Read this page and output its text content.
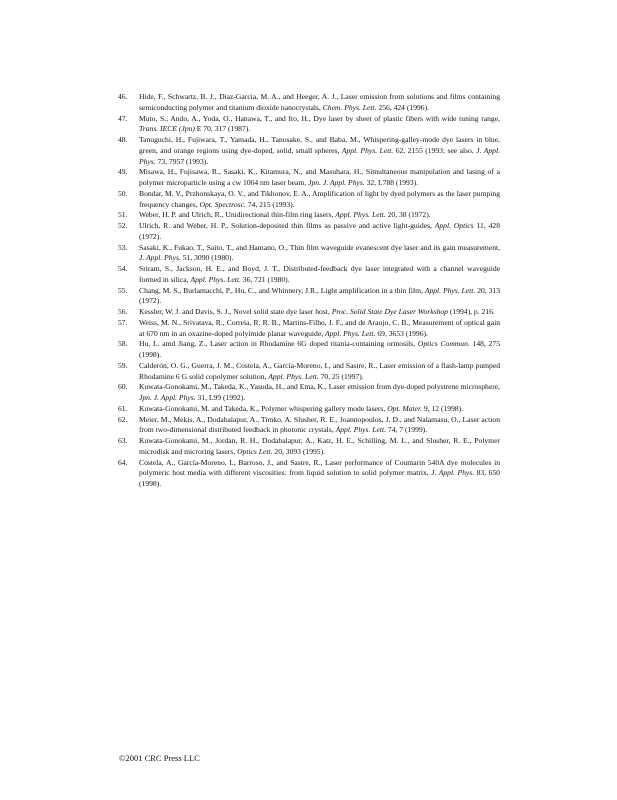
46.	Hide, F., Schwartz, B. J., Diaz-Garcia, M. A., and Heeger, A. J., Laser emission from solutions and films containing semiconducting polymer and titanium dioxide nanocrystals, Chem. Phys. Lett. 256, 424 (1996).
47.	Muto, S., Ando, A., Yoda, O., Hanawa, T., and Ito, H., Dye laser by sheet of plastic fibers with wide tuning range, Trans. IECE (Jpn) E 70, 317 (1987).
48.	Tanuguchi, H., Fujiwara, T., Yamada, H., Tanosake, S., and Baba, M., Whispering-galley-mode dye lasers in blue, green, and orange regions using dye-doped, solid, small spheres, Appl. Phys. Lett. 62, 2155 (1993; see also, J. Appl. Phys. 73, 7957 (1993).
49.	Misawa, H., Fujisawa, R., Sasaki, K., Kitamura, N., and Masuhara, H., Simultaneous manipulation and lasing of a polymer microparticle using a cw 1064 nm laser beam, Jpn. J. Appl. Phys. 32, L788 (1993).
50.	Bondar, M. V., Przhonskaya, O. V., and Tikhonov, E. A., Amplification of light by dyed polymers as the laser pumping frequency changes, Opt. Spectrosc. 74, 215 (1993).
51.	Weber, H. P. and Ulrich, R., Unidirectional thin-film ring lasers, Appl. Phys. Lett. 20, 38 (1972).
52.	Ulrich, R. and Weber, H. P., Solution-deposited thin films as passive and active light-guides, Appl. Optics 11, 428 (1972).
53.	Sasaki, K., Fukao, T., Saito, T., and Hamano, O., Thin film waveguide evanescent dye laser and its gain measurement, J. Appl. Phys. 51, 3090 (1980).
54.	Sriram, S., Jackson, H. E., and Boyd, J. T., Distributed-feedback dye laser integrated with a channel waveguide formed in silica, Appl. Phys. Lett. 36, 721 (1980).
55.	Chang, M. S., Burlamacchi, P., Hu, C., and Whinnery, J.R., Light amplification in a thin film, Appl. Phys. Lett. 20, 313 (1972).
56.	Kessler, W. J. and Davis, S. J., Novel solid state dye laser host, Proc. Solid State Dye Laser Workshop (1994), p. 216.
57.	Weiss, M. N., Srivatava, R., Correia, R. R. B., Martins-Filho, J. F., and de Araujo, C. B., Measurement of optical gain at 670 nm in an oxazine-doped polyimide planar waveguide, Appl. Phys. Lett. 69, 3653 (1996).
58.	Hu, L. amd Jiang, Z., Laser action in Rhodamine 6G doped titania-containing ormosils, Optics Commun. 148, 275 (1998).
59.	Calderón, O. G., Guerra, J. M., Costela, A., García-Moreno, I., and Sastre, R., Laser emission of a flash-lamp pumped Rhodamine 6 G solid copolymer solution, Appl. Phys. Lett. 70, 25 (1997).
60.	Kuwata-Gonokami, M., Takeda, K., Yasuda, H., and Ema, K., Laser emission from dye-doped polystrene microsphere, Jpn. J. Appl. Phys. 31, L99 (1992).
61.	Kuwata-Gonokami, M. and Takeda, K., Polymer whispering gallery mode lasers, Opt. Mater. 9, 12 (1998).
62.	Meier, M., Mekis, A., Dodabalapur, A., Timko, A. Slusher, R. E., Joannopoulos, J. D., and Nalamasu, O., Laser action from two-dimensional distributed feedback in photonic crystals, Appl. Phys. Lett. 74, 7 (1999).
63.	Kuwata-Gonokami, M., Jordan, R. H., Dodabalapur, A., Katz, H. E., Schilling, M. L., and Slusher, R. E., Polymer microdisk and microring lasers, Optics Lett. 20, 3093 (1995).
64.	Costela, A., García-Moreno, I., Barroso, J., and Sastre, R., Laser performance of Coumarin 540A dye molecules in polymeric host media with different viscosities: from liquid solution to solid polymer matrix, J. Appl. Phys. 83, 650 (1998).
©2001 CRC Press LLC
